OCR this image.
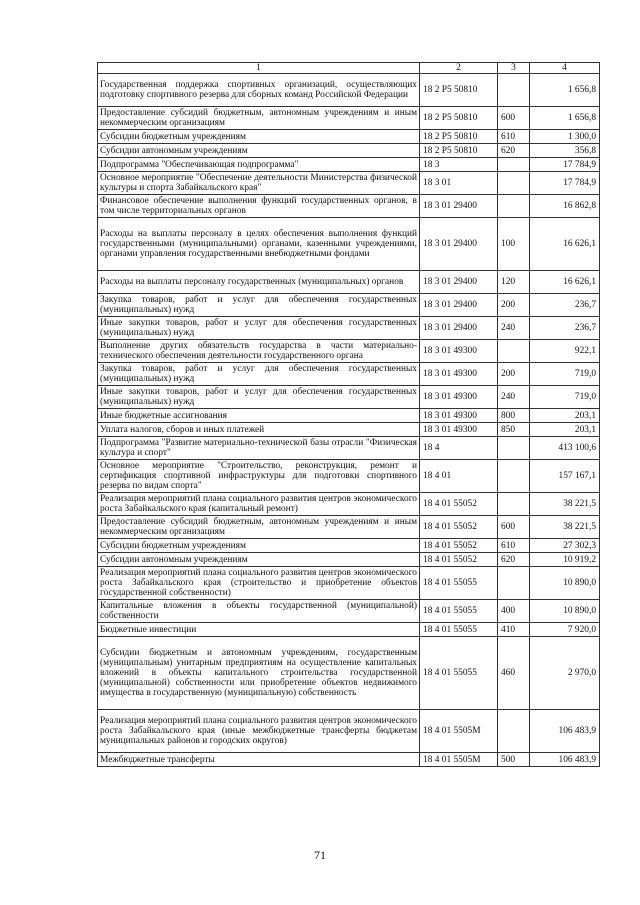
1	2	3	4
Государственная поддержка спортивных организаций, осуществляющих подготовку спортивного резерва для сборных команд Российской Федерации	18 2 P5 50810		1 656,8
Предоставление субсидий бюджетным, автономным учреждениям и иным некоммерческим организациям	18 2 P5 50810	600	1 656,8
Субсидии бюджетным учреждениям	18 2 P5 50810	610	1 300,0
Субсидии автономным учреждениям	18 2 P5 50810	620	356,8
Подпрограмма "Обеспечивающая подпрограмма"	18 3		17 784,9
Основное мероприятие "Обеспечение деятельности Министерства физической культуры и спорта Забайкальского края"	18 3 01		17 784,9
Финансовое обеспечение выполнения функций государственных органов, в том числе территориальных органов	18 3 01 29400		16 862,8
Расходы на выплаты персоналу в целях обеспечения выполнения функций государственными (муниципальными) органами, казенными учреждениями, органами управления государственными внебюджетными фондами	18 3 01 29400	100	16 626,1
Расходы на выплаты персоналу государственных (муниципальных) органов	18 3 01 29400	120	16 626,1
Закупка товаров, работ и услуг для обеспечения государственных (муниципальных) нужд	18 3 01 29400	200	236,7
Иные закупки товаров, работ и услуг для обеспечения государственных (муниципальных) нужд	18 3 01 29400	240	236,7
Выполнение других обязательств государства в части материально-технического обеспечения деятельности государственного органа	18 3 01 49300		922,1
Закупка товаров, работ и услуг для обеспечения государственных (муниципальных) нужд	18 3 01 49300	200	719,0
Иные закупки товаров, работ и услуг для обеспечения государственных (муниципальных) нужд	18 3 01 49300	240	719,0
Иные бюджетные ассигнования	18 3 01 49300	800	203,1
Уплата налогов, сборов и иных платежей	18 3 01 49300	850	203,1
Подпрограмма "Развитие материально-технической базы отрасли "Физическая культура и спорт"	18 4		413 100,6
Основное мероприятие "Строительство, реконструкция, ремонт и сертификация спортивной инфраструктуры для подготовки спортивного резерва по видам спорта"	18 4 01		157 167,1
Реализация мероприятий плана социального развития центров экономического роста Забайкальского края (капитальный ремонт)	18 4 01 55052		38 221,5
Предоставление субсидий бюджетным, автономным учреждениям и иным некоммерческим организациям	18 4 01 55052	600	38 221,5
Субсидии бюджетным учреждениям	18 4 01 55052	610	27 302,3
Субсидии автономным учреждениям	18 4 01 55052	620	10 919,2
Реализация мероприятий плана социального развития центров экономического роста Забайкальского края (строительство и приобретение объектов государственной собственности)	18 4 01 55055		10 890,0
Капитальные вложения в объекты государственной (муниципальной) собственности	18 4 01 55055	400	10 890,0
Бюджетные инвестиции	18 4 01 55055	410	7 920,0
Субсидии бюджетным и автономным учреждениям, государственным (муниципальным) унитарным предприятиям на осуществление капитальных вложений в объекты капитального строительства государственной (муниципальной) собственности или приобретение объектов недвижимого имущества в государственную (муниципальную) собственность	18 4 01 55055	460	2 970,0
Реализация мероприятий плана социального развития центров экономического роста Забайкальского края (иные межбюджетные трансферты бюджетам муниципальных районов и городских округов)	18 4 01 5505M		106 483,9
Межбюджетные трансферты	18 4 01 5505M	500	106 483,9
71
